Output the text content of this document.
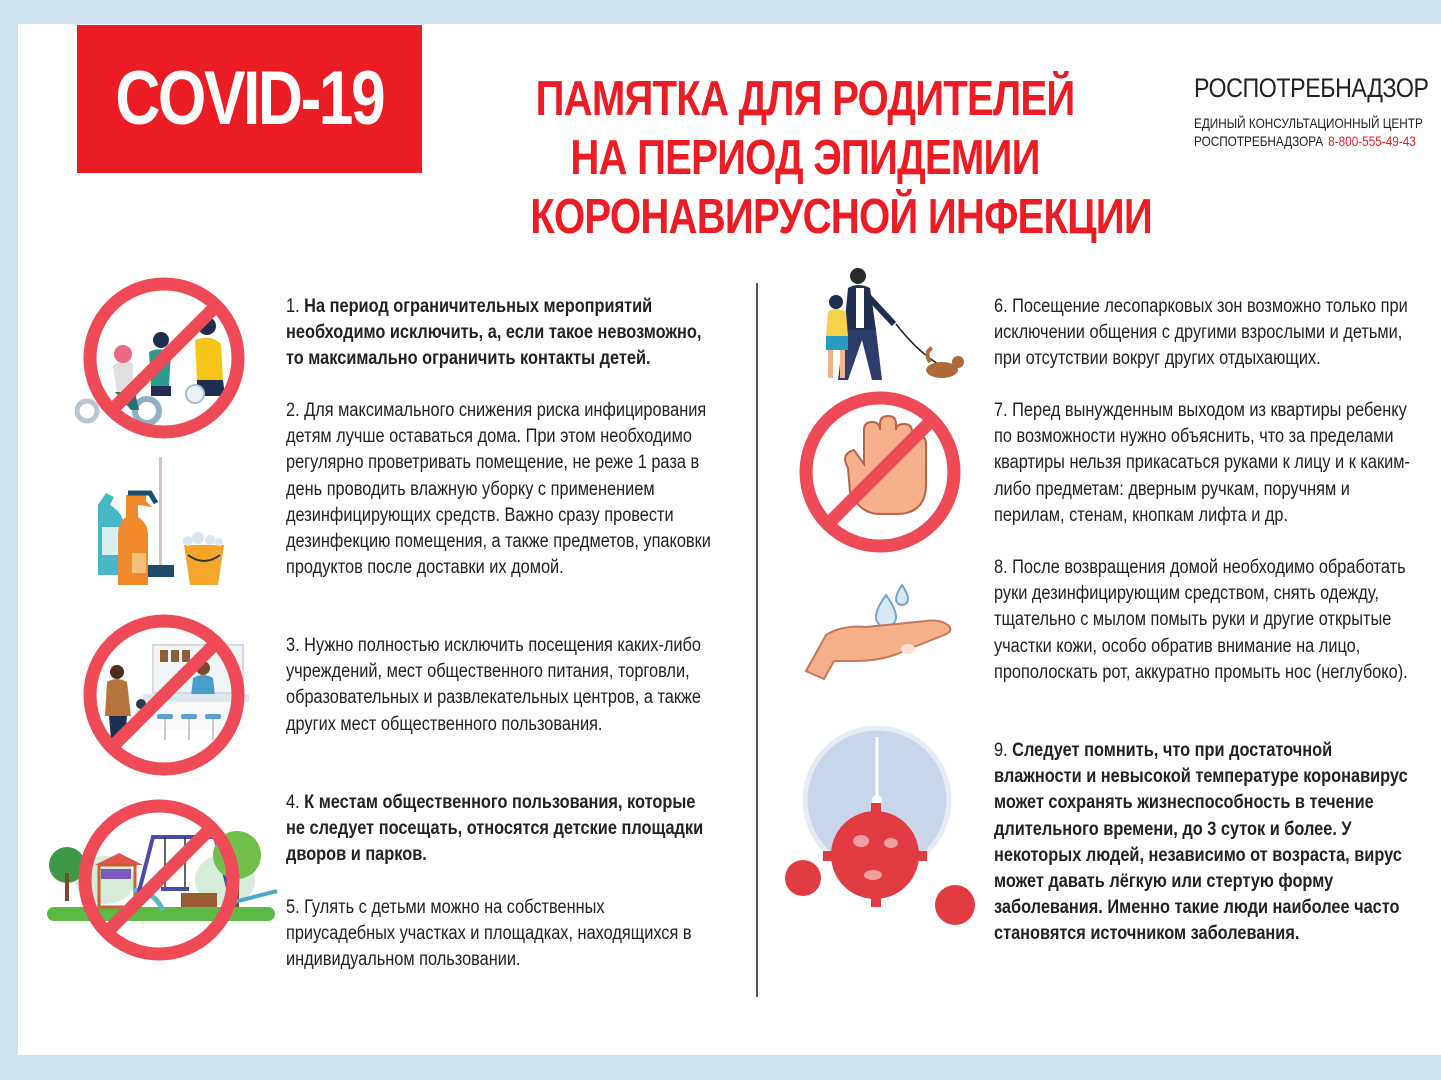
COVID-19	ПАМЯТКА ДЛЯ РОДИТЕЛЕЙ
НА ПЕРИОД ЭПИДЕМИИ
КОРОНАВИРУСНОЙ ИНФЕКЦИИ
РОСПОТРЕБНАДЗОР
ЕДИНЫЙ КОНСУЛЬТАЦИОННЫЙ ЦЕНТР
РОСПОТРЕБНАДЗОРА 8-800-555-49-43
1. На период ограничительных мероприятий необходимо исключить, а, если такое невозможно, то максимально ограничить контакты детей.
2. Для максимального снижения риска инфицирования детям лучше оставаться дома. При этом необходимо регулярно проветривать помещение, не реже 1 раза в день проводить влажную уборку с применением дезинфицирующих средств. Важно сразу провести дезинфекцию помещения, а также предметов, упаковки продуктов после доставки их домой.
3. Нужно полностью исключить посещения каких-либо учреждений, мест общественного питания, торговли, образовательных и развлекательных центров, а также других мест общественного пользования.
4. К местам общественного пользования, которые не следует посещать, относятся детские площадки дворов и парков.
5. Гулять с детьми можно на собственных приусадебных участках и площадках, находящихся в индивидуальном пользовании.
6. Посещение лесопарковых зон возможно только при исключении общения с другими взрослыми и детьми, при отсутствии вокруг других отдыхающих.
7. Перед вынужденным выходом из квартиры ребенку по возможности нужно объяснить, что за пределами квартиры нельзя прикасаться руками к лицу и к каким-либо предметам: дверным ручкам, поручням и перилам, стенам, кнопкам лифта и др.
8. После возвращения домой необходимо обработать руки дезинфицирующим средством, снять одежду, тщательно с мылом помыть руки и другие открытые участки кожи, особо обратив внимание на лицо, прополоскать рот, аккуратно промыть нос (неглубоко).
9. Следует помнить, что при достаточной влажности и невысокой температуре коронавирус может сохранять жизнеспособность в течение длительного времени, до 3 суток и более. У некоторых людей, независимо от возраста, вирус может давать лёгкую или стертую форму заболевания. Именно такие люди наиболее часто становятся источником заболевания.
